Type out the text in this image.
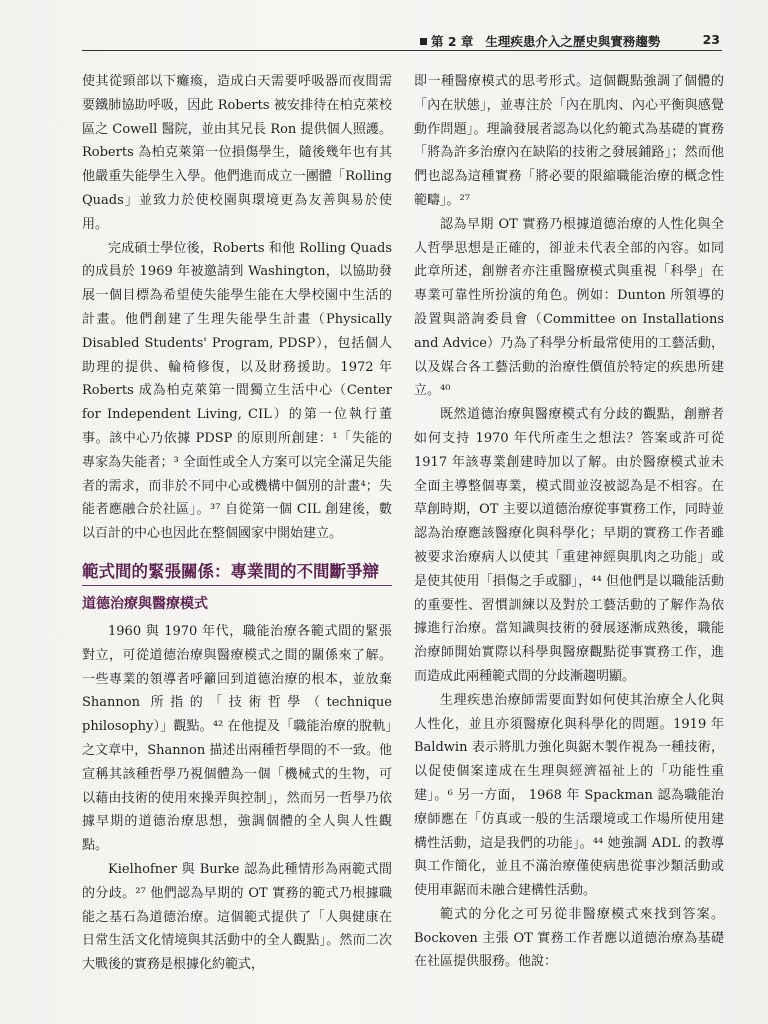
第 2 章 生理疾患介入之歷史與實務趨勢	23

使其從頸部以下癱瘓，造成白天需要呼吸器而夜間需要鐵肺協助呼吸，因此 Roberts 被安排待在柏克萊校區之 Cowell 醫院，並由其兄長 Ron 提供個人照護。Roberts 為柏克萊第一位損傷學生，隨後幾年也有其他嚴重失能學生入學。他們進而成立一團體「Rolling Quads」並致力於使校園與環境更為友善與易於使用。

完成碩士學位後，Roberts 和他 Rolling Quads 的成員於 1969 年被邀請到 Washington，以協助發展一個目標為希望使失能學生能在大學校園中生活的計畫。他們創建了生理失能學生計畫（Physically Disabled Students' Program, PDSP），包括個人助理的提供、輪椅修復，以及財務援助。1972 年 Roberts 成為柏克萊第一間獨立生活中心（Center for Independent Living, CIL）的第一位執行董事。該中心乃依據 PDSP 的原則所創建：¹「失能的專家為失能者；³ 全面性或全人方案可以完全滿足失能者的需求，而非於不同中心或機構中個別的計畫⁴；失能者應融合於社區」。³⁷ 自從第一個 CIL 創建後，數以百計的中心也因此在整個國家中開始建立。

範式間的緊張關係：專業間的不間斷爭辯
道德治療與醫療模式

1960 與 1970 年代，職能治療各範式間的緊張對立，可從道德治療與醫療模式之間的關係來了解。一些專業的領導者呼籲回到道德治療的根本，並放棄 Shannon 所指的「技術哲學（technique philosophy）」觀點。⁴² 在他提及「職能治療的脫軌」之文章中，Shannon 描述出兩種哲學間的不一致。他宣稱其該種哲學乃視個體為一個「機械式的生物，可以藉由技術的使用來操弄與控制」，然而另一哲學乃依據早期的道德治療思想，強調個體的全人與人性觀點。

Kielhofner 與 Burke 認為此種情形為兩範式間的分歧。²⁷ 他們認為早期的 OT 實務的範式乃根據職能之基石為道德治療。這個範式提供了「人與健康在日常生活文化情境與其活動中的全人觀點」。然而二次大戰後的實務是根據化約範式，

即一種醫療模式的思考形式。這個觀點強調了個體的「內在狀態」，並專注於「內在肌肉、內心平衡與感覺動作問題」。理論發展者認為以化約範式為基礎的實務「將為許多治療內在缺陷的技術之發展鋪路」；然而他們也認為這種實務「將必要的限縮職能治療的概念性範疇」。²⁷

認為早期 OT 實務乃根據道德治療的人性化與全人哲學思想是正確的，卻並未代表全部的內容。如同此章所述，創辦者亦注重醫療模式與重視「科學」在專業可靠性所扮演的角色。例如：Dunton 所領導的設置與諮詢委員會（Committee on Installations and Advice）乃為了科學分析最常使用的工藝活動，以及媒合各工藝活動的治療性價值於特定的疾患所建立。⁴⁰

既然道德治療與醫療模式有分歧的觀點，創辦者如何支持 1970 年代所產生之想法？答案或許可從 1917 年該專業創建時加以了解。由於醫療模式並未全面主導整個專業，模式間並沒被認為是不相容。在草創時期，OT 主要以道德治療從事實務工作，同時並認為治療應該醫療化與科學化；早期的實務工作者雖被要求治療病人以使其「重建神經與肌肉之功能」或是使其使用「損傷之手或腳」，⁴⁴ 但他們是以職能活動的重要性、習慣訓練以及對於工藝活動的了解作為依據進行治療。當知識與技術的發展逐漸成熟後，職能治療師開始實際以科學與醫療觀點從事實務工作，進而造成此兩種範式間的分歧漸趨明顯。

生理疾患治療師需要面對如何使其治療全人化與人性化，並且亦須醫療化與科學化的問題。1919 年 Baldwin 表示將肌力強化與鋸木製作視為一種技術，以促使個案達成在生理與經濟福祉上的「功能性重建」。⁶ 另一方面， 1968 年 Spackman 認為職能治療師應在「仿真或一般的生活環境或工作場所使用建構性活動，這是我們的功能」。⁴⁴ 她強調 ADL 的教導與工作簡化，並且不滿治療僅使病患從事沙類活動或使用車鋸而未融合建構性活動。

範式的分化之可另從非醫療模式來找到答案。Bockoven 主張 OT 實務工作者應以道德治療為基礎在社區提供服務。他說：
